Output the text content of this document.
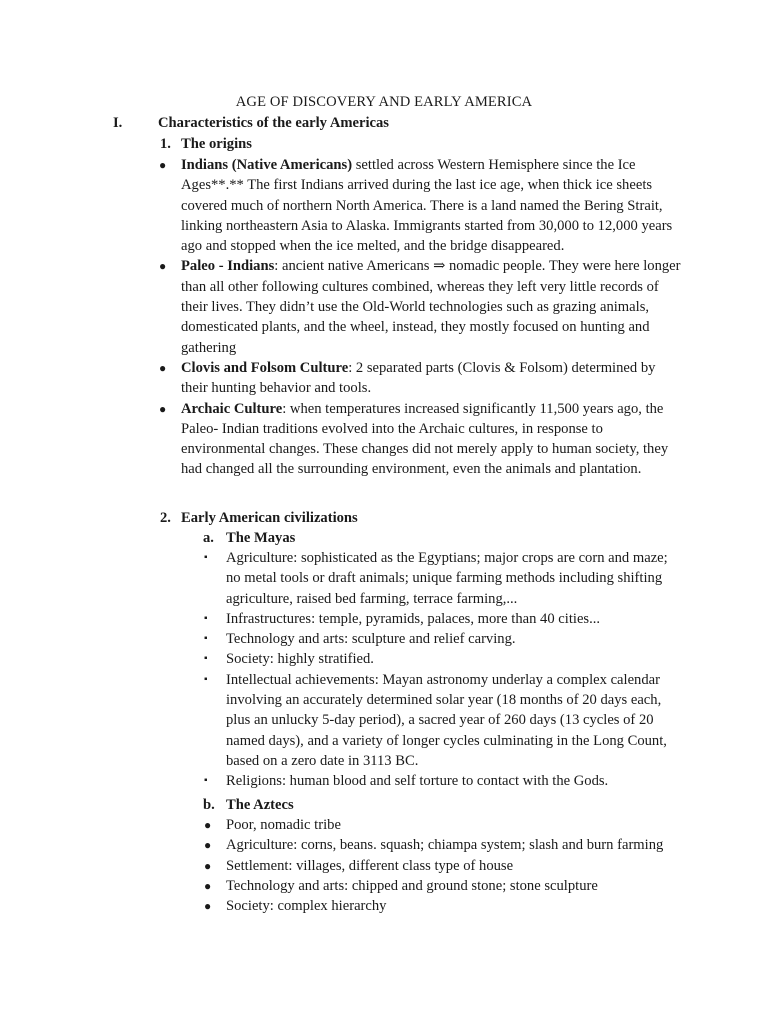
AGE OF DISCOVERY AND EARLY AMERICA
I. Characteristics of the early Americas
1. The origins
● Indians (Native Americans) settled across Western Hemisphere since the Ice Ages**.** The first Indians arrived during the last ice age, when thick ice sheets covered much of northern North America. There is a land named the Bering Strait, linking northeastern Asia to Alaska. Immigrants started from 30,000 to 12,000 years ago and stopped when the ice melted, and the bridge disappeared.
● Paleo - Indians: ancient native Americans ⇒ nomadic people. They were here longer than all other following cultures combined, whereas they left very little records of their lives. They didn’t use the Old-World technologies such as grazing animals, domesticated plants, and the wheel, instead, they mostly focused on hunting and gathering
● Clovis and Folsom Culture: 2 separated parts (Clovis & Folsom) determined by their hunting behavior and tools.
● Archaic Culture: when temperatures increased significantly 11,500 years ago, the Paleo- Indian traditions evolved into the Archaic cultures, in response to environmental changes. These changes did not merely apply to human society, they had changed all the surrounding environment, even the animals and plantation.
2. Early American civilizations
a. The Mayas
▪ Agriculture: sophisticated as the Egyptians; major crops are corn and maze; no metal tools or draft animals; unique farming methods including shifting agriculture, raised bed farming, terrace farming,...
▪ Infrastructures: temple, pyramids, palaces, more than 40 cities...
▪ Technology and arts: sculpture and relief carving.
▪ Society: highly stratified.
▪ Intellectual achievements: Mayan astronomy underlay a complex calendar involving an accurately determined solar year (18 months of 20 days each, plus an unlucky 5-day period), a sacred year of 260 days (13 cycles of 20 named days), and a variety of longer cycles culminating in the Long Count, based on a zero date in 3113 BC.
▪ Religions: human blood and self torture to contact with the Gods.
b. The Aztecs
● Poor, nomadic tribe
● Agriculture: corns, beans. squash; chiampa system; slash and burn farming
● Settlement: villages, different class type of house
● Technology and arts: chipped and ground stone; stone sculpture
● Society: complex hierarchy
